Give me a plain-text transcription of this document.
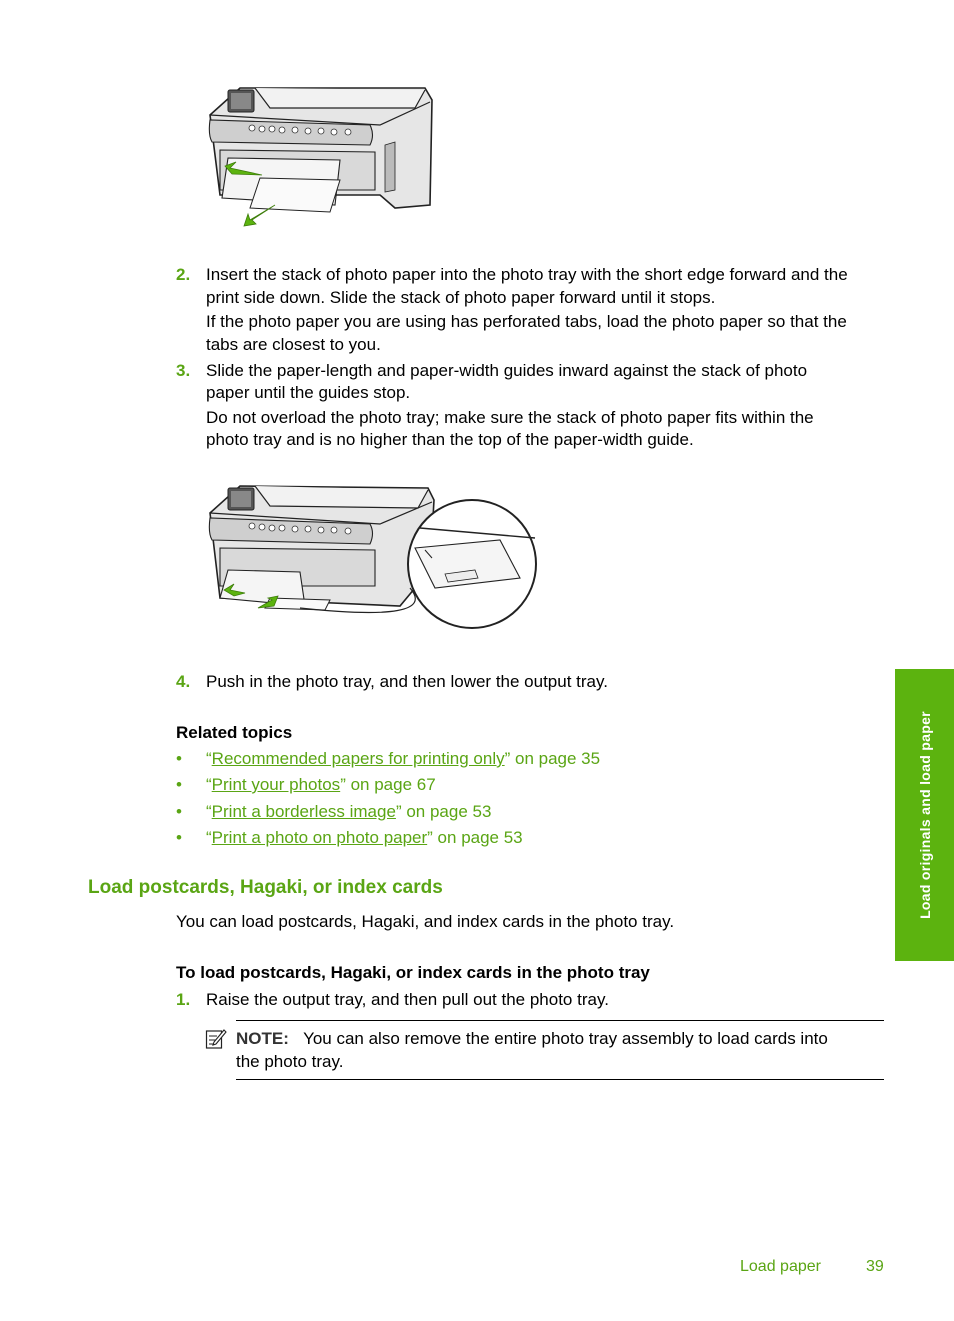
2. Insert the stack of photo paper into the photo tray with the short edge forward and the

print side down. Slide the stack of photo paper forward until it stops.

If the photo paper you are using has perforated tabs, load the photo paper so that the

tabs are closest to you.

3. Slide the paper-length and paper-width guides inward against the stack of photo

paper until the guides stop.

Do not overload the photo tray; make sure the stack of photo paper fits within the

photo tray and is no higher than the top of the paper-width guide.

4. Push in the photo tray, and then lower the output tray.

Related topics
• “Recommended papers for printing only” on page 35

• “Print your photos” on page 67

• “Print a borderless image” on page 53

• “Print a photo on photo paper” on page 53

Load postcards, Hagaki, or index cards

You can load postcards, Hagaki, and index cards in the photo tray.

To load postcards, Hagaki, or index cards in the photo tray
1. Raise the output tray, and then pull out the photo tray.

NOTE: You can also remove the entire photo tray assembly to load cards into

the photo tray.

Load originals and load paper
Load paper	39
